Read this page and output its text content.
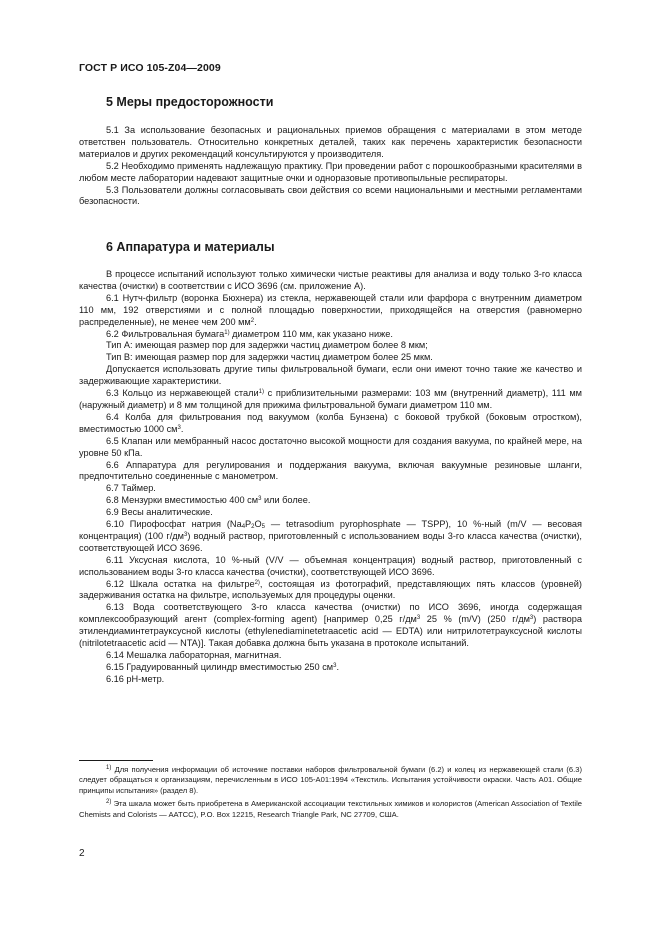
ГОСТ Р ИСО 105-Z04—2009
5 Меры предосторожности

5.1 За использование безопасных и рациональных приемов обращения с материалами в этом методе ответствен пользователь. Относительно конкретных деталей, таких как перечень характеристик безопасности материалов и других рекомендаций консультируются у производителя.

5.2 Необходимо применять надлежащую практику. При проведении работ с порошкообразными красителями в любом месте лаборатории надевают защитные очки и одноразовые противопыльные респираторы.

5.3 Пользователи должны согласовывать свои действия со всеми национальными и местными регламентами безопасности.

6 Аппаратура и материалы

В процессе испытаний используют только химически чистые реактивы для анализа и воду только 3-го класса качества (очистки) в соответствии с ИСО 3696 (см. приложение А).

6.1 Нутч-фильтр (воронка Бюхнера) из стекла, нержавеющей стали или фарфора с внутренним диаметром 110 мм, 192 отверстиями и с полной площадью поверхностии, приходящейся на отверстия (равномерно распределенные), не менее чем 200 $мм^2$.

6.2 Фильтровальная бумага$^{1)}$ диаметром 110 мм, как указано ниже.

Тип А: имеющая размер пор для задержки частиц диаметром более 8 мкм;

Тип В: имеющая размер пор для задержки частиц диаметром более 25 мкм.

Допускается использовать другие типы фильтровальной бумаги, если они имеют точно такие же качество и задерживающие характеристики.

6.3 Кольцо из нержавеющей стали$^{1)}$ с приблизительными размерами: 103 мм (внутренний диаметр), 111 мм (наружный диаметр) и 8 мм толщиной для прижима фильтровальной бумаги диаметром 110 мм.

6.4 Колба для фильтрования под вакуумом (колба Бунзена) с боковой трубкой (боковым отростком), вместимостью 1000 $см^3$.

6.5 Клапан или мембранный насос достаточно высокой мощности для создания вакуума, по крайней мере, на уровне 50 кПа.

6.6 Аппаратура для регулирования и поддержания вакуума, включая вакуумные резиновые шланги, предпочтительно соединенные с манометром.

6.7 Таймер.

6.8 Мензурки вместимостью 400 $см^3$ или более.

6.9 Весы аналитические.

6.10 Пирофосфат натрия ($Na_4P_2O_5$ — tetrasodium pyrophosphate — TSPP), 10 %-ный (m/V — весовая концентрация) (100 $г/дм^3$) водный раствор, приготовленный с использованием воды 3-го класса качества (очистки), соответствующей ИСО 3696.

6.11 Уксусная кислота, 10 %-ный (V/V — объемная концентрация) водный раствор, приготовленный с использованием воды 3-го класса качества (очистки), соответствующей ИСО 3696.

6.12 Шкала остатка на фильтре$^{2)}$, состоящая из фотографий, представляющих пять классов (уровней) задерживания остатка на фильтре, используемых для процедуры оценки.

6.13 Вода соответствующего 3-го класса качества (очистки) по ИСО 3696, иногда содержащая комплексообразующий агент (complex-forming agent) [например 0,25 $г/дм^3$ 25 % (m/V) (250 $г/дм^3$) раствора этилендиаминтетрауксусной кислоты (ethylenediaminetetraacetic acid — EDTA) или нитрилотетрауксусной кислоты (nitrilotetraacetic acid — NTA)]. Такая добавка должна быть указана в протоколе испытаний.

6.14 Мешалка лабораторная, магнитная.

6.15 Градуированный цилиндр вместимостью 250 $см^3$.

6.16 pH-метр.

$^{1)}$ Для получения информации об источнике поставки наборов фильтровальной бумаги (6.2) и колец из нержавеющей стали (6.3) следует обращаться к организациям, перечисленным в ИСО 105-А01:1994 «Текстиль. Испытания устойчивости окраски. Часть А01. Общие принципы испытания» (раздел 8).

$^{2)}$ Эта шкала может быть приобретена в Американской ассоциации текстильных химиков и колористов (American Association of Textile Chemists and Colorists — AATCC), P.O. Box 12215, Research Triangle Park, NC 27709, США.

2
